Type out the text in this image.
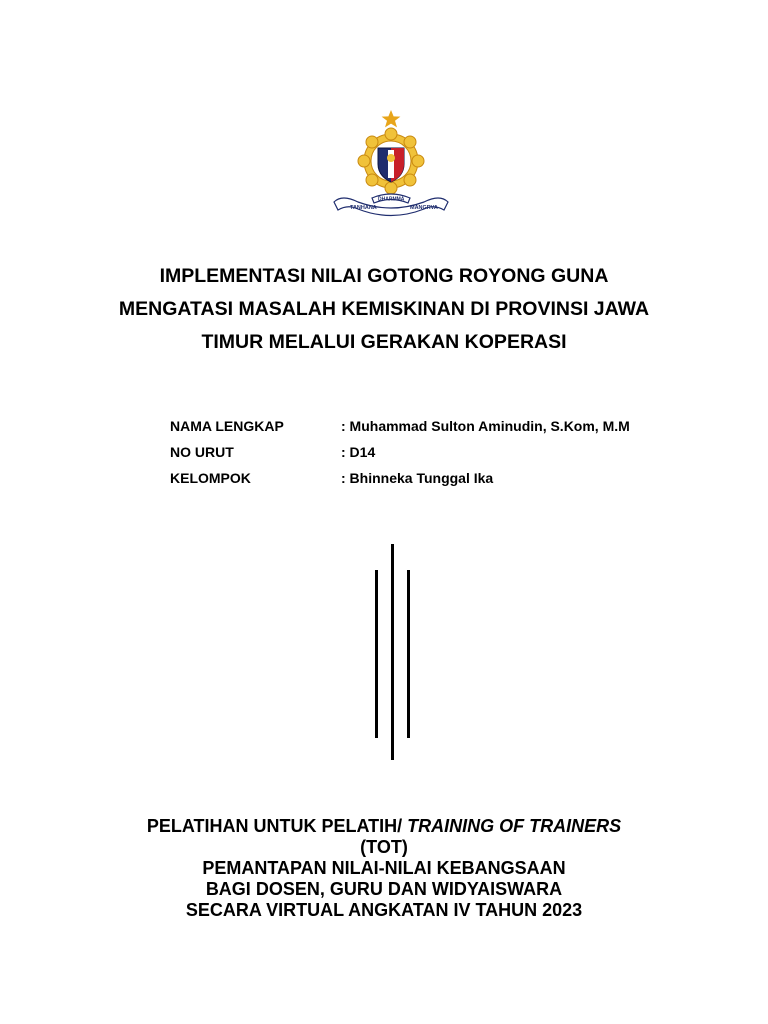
TANHANA
DHARMMA
MANGRVA
IMPLEMENTASI NILAI GOTONG ROYONG GUNA
MENGATASI MASALAH KEMISKINAN DI PROVINSI JAWA
TIMUR MELALUI GERAKAN KOPERASI
NAMA LENGKAP	: Muhammad Sulton Aminudin, S.Kom, M.M
NO URUT	: D14
KELOMPOK	: Bhinneka Tunggal Ika
PELATIHAN UNTUK PELATIH/ TRAINING OF TRAINERS
(TOT)
PEMANTAPAN NILAI-NILAI KEBANGSAAN
BAGI DOSEN, GURU DAN WIDYAISWARA
SECARA VIRTUAL ANGKATAN IV TAHUN 2023
